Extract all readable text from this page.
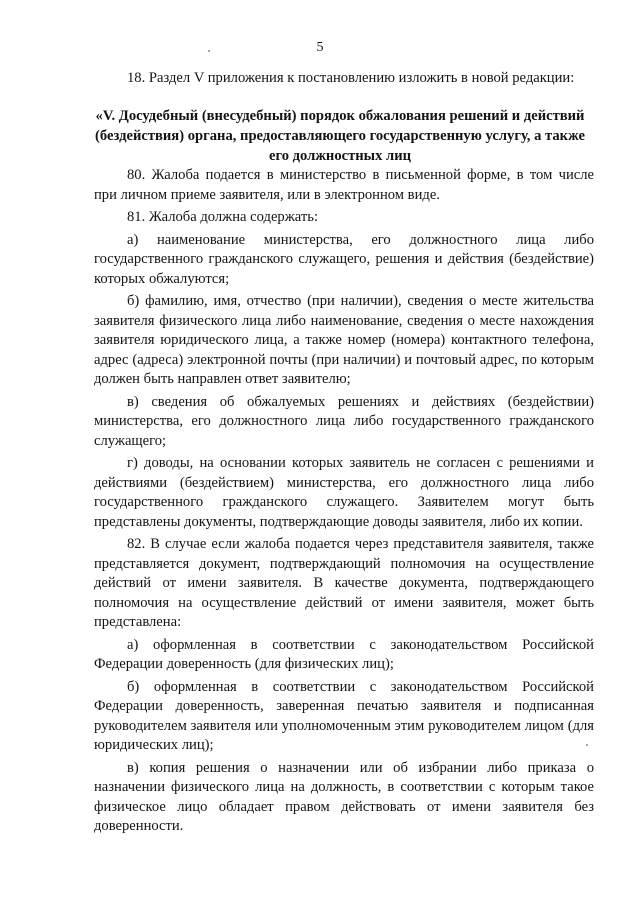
5
18. Раздел V приложения к постановлению изложить в новой редакции:
«V. Досудебный (внесудебный) порядок обжалования решений и действий (бездействия) органа, предоставляющего государственную услугу, а также его должностных лиц

80. Жалоба подается в министерство в письменной форме, в том числе при личном приеме заявителя, или в электронном виде.

81. Жалоба должна содержать:

а) наименование министерства, его должностного лица либо государственного гражданского служащего, решения и действия (бездействие) которых обжалуются;

б) фамилию, имя, отчество (при наличии), сведения о месте жительства заявителя физического лица либо наименование, сведения о месте нахождения заявителя юридического лица, а также номер (номера) контактного телефона, адрес (адреса) электронной почты (при наличии) и почтовый адрес, по которым должен быть направлен ответ заявителю;

в) сведения об обжалуемых решениях и действиях (бездействии) министерства, его должностного лица либо государственного гражданского служащего;

г) доводы, на основании которых заявитель не согласен с решениями и действиями (бездействием) министерства, его должностного лица либо государственного гражданского служащего. Заявителем могут быть представлены документы, подтверждающие доводы заявителя, либо их копии.

82. В случае если жалоба подается через представителя заявителя, также представляется документ, подтверждающий полномочия на осуществление действий от имени заявителя. В качестве документа, подтверждающего полномочия на осуществление действий от имени заявителя, может быть представлена:

а) оформленная в соответствии с законодательством Российской Федерации доверенность (для физических лиц);

б) оформленная в соответствии с законодательством Российской Федерации доверенность, заверенная печатью заявителя и подписанная руководителем заявителя или уполномоченным этим руководителем лицом (для юридических лиц);

в) копия решения о назначении или об избрании либо приказа о назначении физического лица на должность, в соответствии с которым такое физическое лицо обладает правом действовать от имени заявителя без доверенности.
